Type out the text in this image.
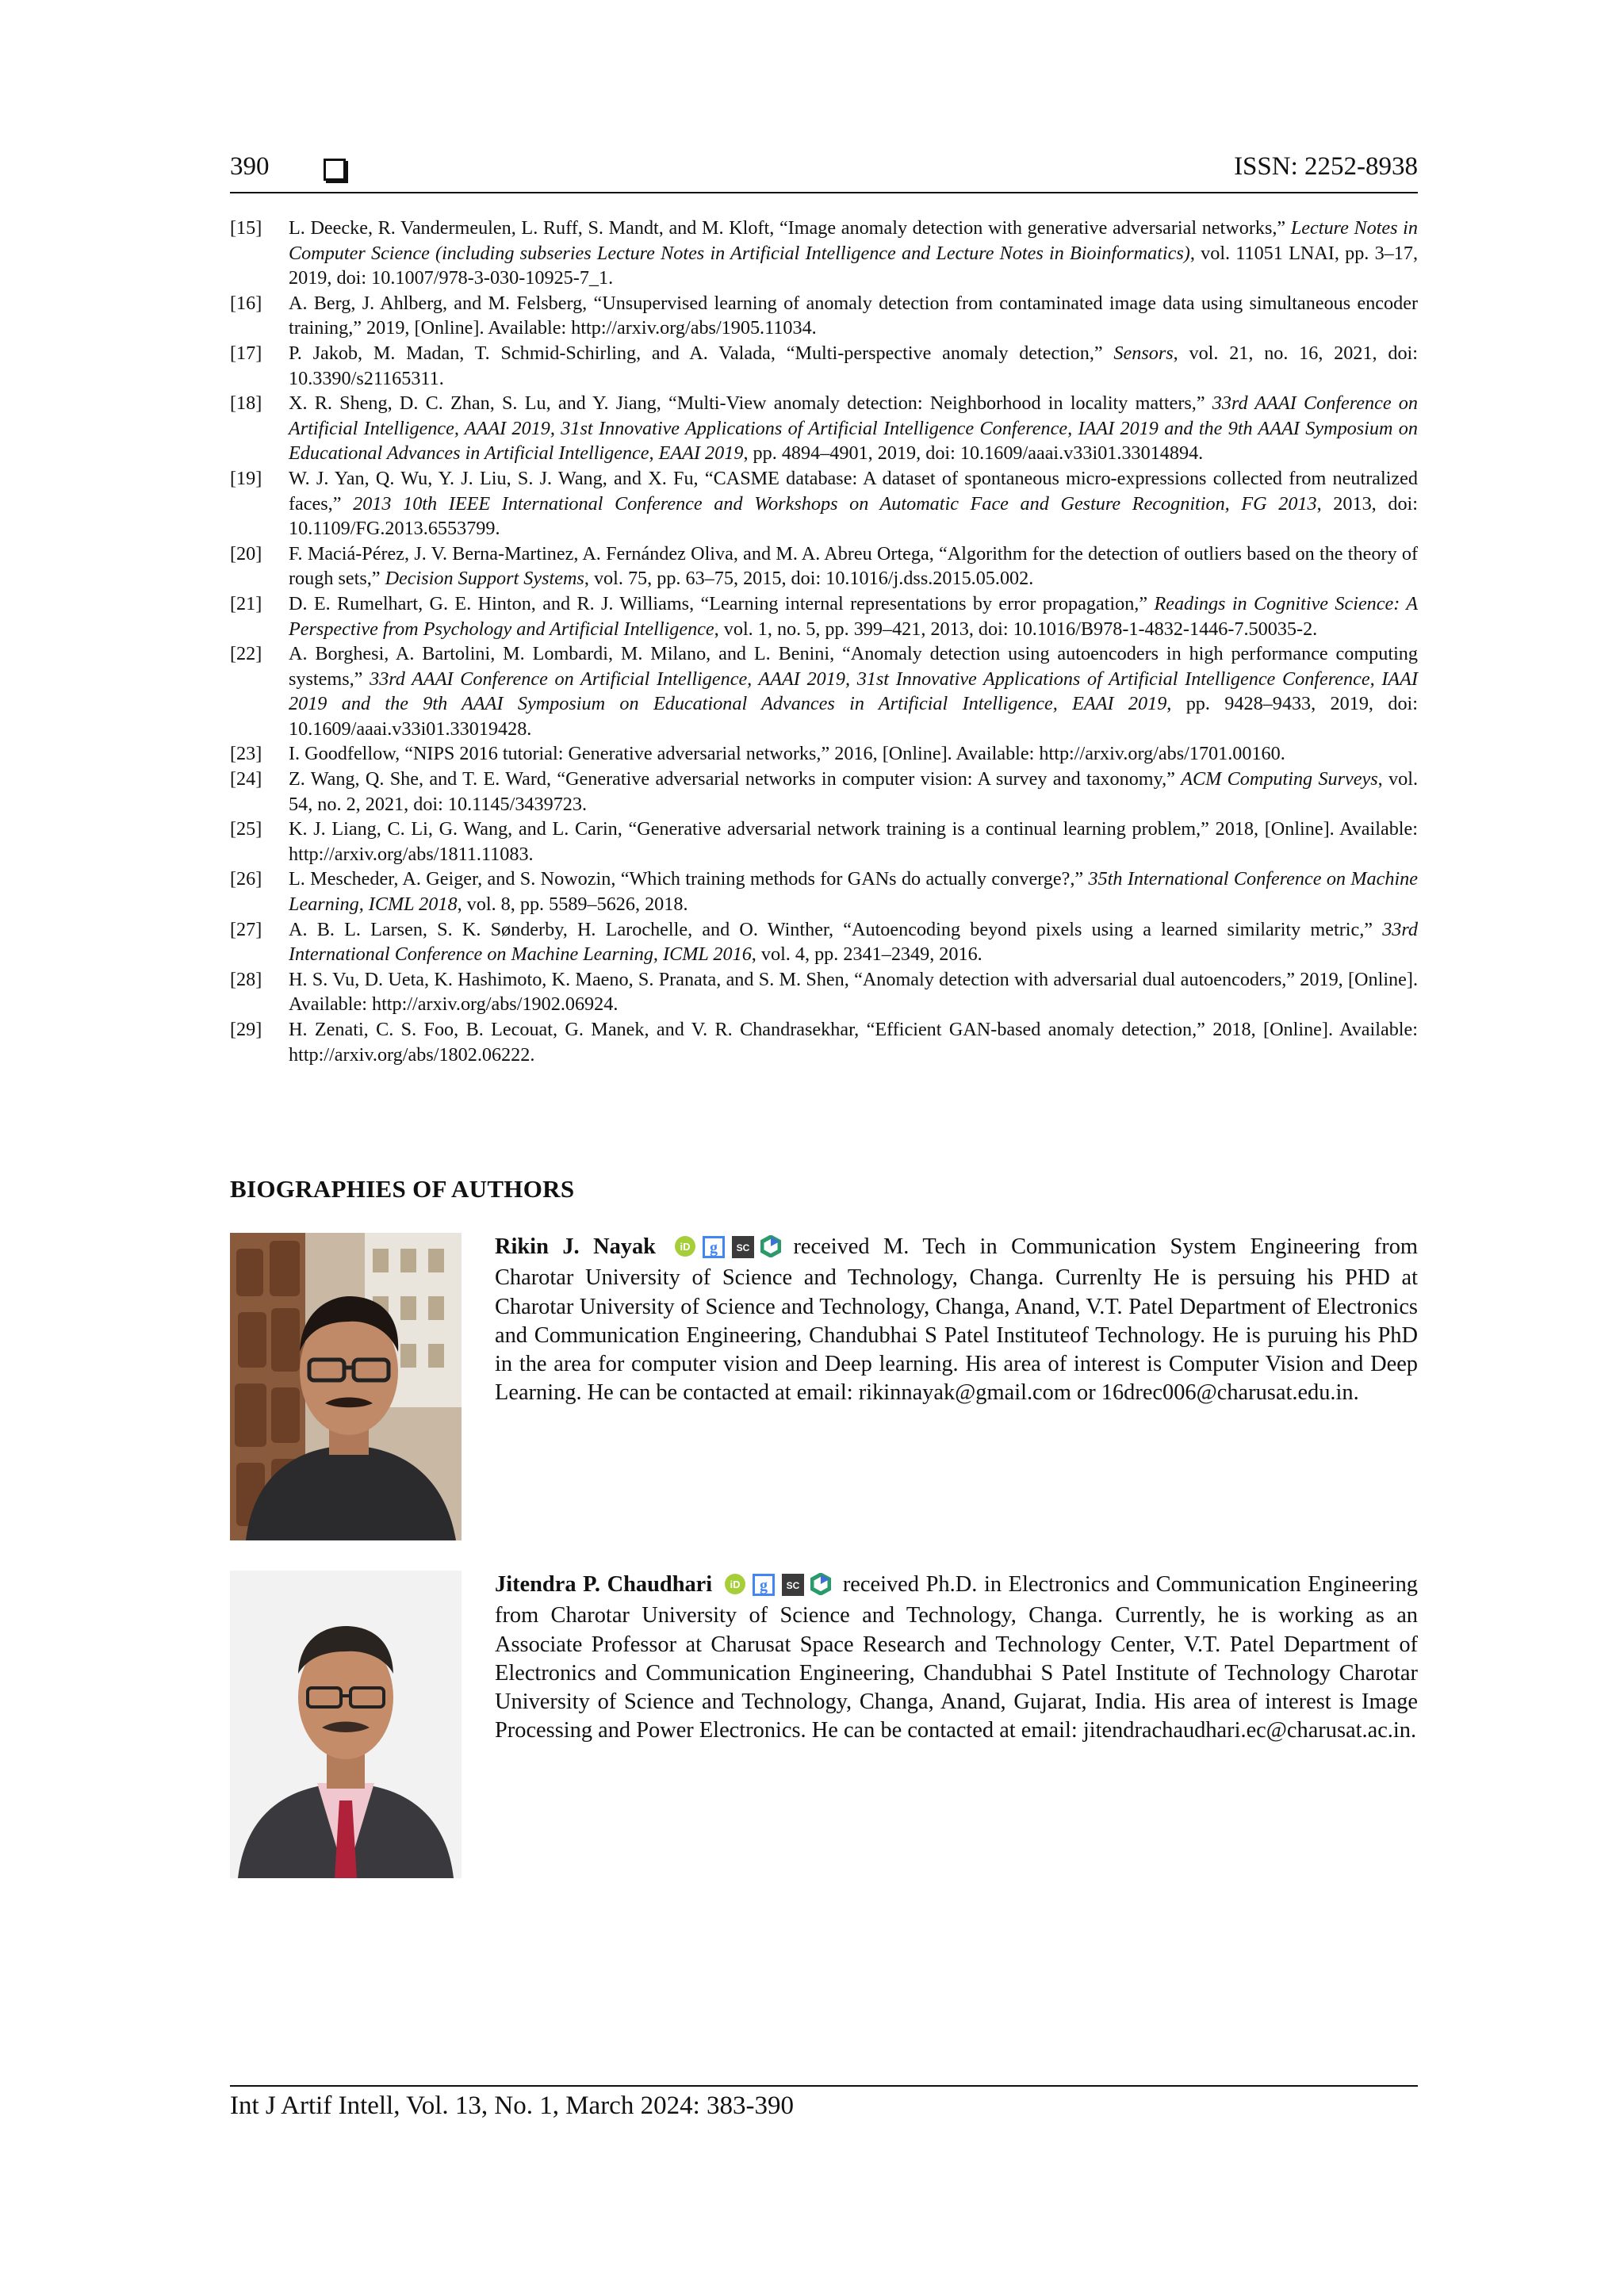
390	ISSN: 2252-8938

[15] L. Deecke, R. Vandermeulen, L. Ruff, S. Mandt, and M. Kloft, “Image anomaly detection with generative adversarial networks,” Lecture Notes in Computer Science (including subseries Lecture Notes in Artificial Intelligence and Lecture Notes in Bioinformatics), vol. 11051 LNAI, pp. 3–17, 2019, doi: 10.1007/978-3-030-10925-7_1.

[16] A. Berg, J. Ahlberg, and M. Felsberg, “Unsupervised learning of anomaly detection from contaminated image data using simultaneous encoder training,” 2019, [Online]. Available: http://arxiv.org/abs/1905.11034.

[17] P. Jakob, M. Madan, T. Schmid-Schirling, and A. Valada, “Multi-perspective anomaly detection,” Sensors, vol. 21, no. 16, 2021, doi: 10.3390/s21165311.

[18] X. R. Sheng, D. C. Zhan, S. Lu, and Y. Jiang, “Multi-View anomaly detection: Neighborhood in locality matters,” 33rd AAAI Conference on Artificial Intelligence, AAAI 2019, 31st Innovative Applications of Artificial Intelligence Conference, IAAI 2019 and the 9th AAAI Symposium on Educational Advances in Artificial Intelligence, EAAI 2019, pp. 4894–4901, 2019, doi: 10.1609/aaai.v33i01.33014894.

[19] W. J. Yan, Q. Wu, Y. J. Liu, S. J. Wang, and X. Fu, “CASME database: A dataset of spontaneous micro-expressions collected from neutralized faces,” 2013 10th IEEE International Conference and Workshops on Automatic Face and Gesture Recognition, FG 2013, 2013, doi: 10.1109/FG.2013.6553799.

[20] F. Maciá-Pérez, J. V. Berna-Martinez, A. Fernández Oliva, and M. A. Abreu Ortega, “Algorithm for the detection of outliers based on the theory of rough sets,” Decision Support Systems, vol. 75, pp. 63–75, 2015, doi: 10.1016/j.dss.2015.05.002.

[21] D. E. Rumelhart, G. E. Hinton, and R. J. Williams, “Learning internal representations by error propagation,” Readings in Cognitive Science: A Perspective from Psychology and Artificial Intelligence, vol. 1, no. 5, pp. 399–421, 2013, doi: 10.1016/B978-1-4832-1446-7.50035-2.

[22] A. Borghesi, A. Bartolini, M. Lombardi, M. Milano, and L. Benini, “Anomaly detection using autoencoders in high performance computing systems,” 33rd AAAI Conference on Artificial Intelligence, AAAI 2019, 31st Innovative Applications of Artificial Intelligence Conference, IAAI 2019 and the 9th AAAI Symposium on Educational Advances in Artificial Intelligence, EAAI 2019, pp. 9428–9433, 2019, doi: 10.1609/aaai.v33i01.33019428.

[23] I. Goodfellow, “NIPS 2016 tutorial: Generative adversarial networks,” 2016, [Online]. Available: http://arxiv.org/abs/1701.00160.

[24] Z. Wang, Q. She, and T. E. Ward, “Generative adversarial networks in computer vision: A survey and taxonomy,” ACM Computing Surveys, vol. 54, no. 2, 2021, doi: 10.1145/3439723.

[25] K. J. Liang, C. Li, G. Wang, and L. Carin, “Generative adversarial network training is a continual learning problem,” 2018, [Online]. Available: http://arxiv.org/abs/1811.11083.

[26] L. Mescheder, A. Geiger, and S. Nowozin, “Which training methods for GANs do actually converge?,” 35th International Conference on Machine Learning, ICML 2018, vol. 8, pp. 5589–5626, 2018.

[27] A. B. L. Larsen, S. K. Sønderby, H. Larochelle, and O. Winther, “Autoencoding beyond pixels using a learned similarity metric,” 33rd International Conference on Machine Learning, ICML 2016, vol. 4, pp. 2341–2349, 2016.

[28] H. S. Vu, D. Ueta, K. Hashimoto, K. Maeno, S. Pranata, and S. M. Shen, “Anomaly detection with adversarial dual autoencoders,” 2019, [Online]. Available: http://arxiv.org/abs/1902.06924.

[29] H. Zenati, C. S. Foo, B. Lecouat, G. Manek, and V. R. Chandrasekhar, “Efficient GAN-based anomaly detection,” 2018, [Online]. Available: http://arxiv.org/abs/1802.06222.

BIOGRAPHIES OF AUTHORS
Rikin J. Nayak iD g SC received M. Tech in Communication System Engineering from Charotar University of Science and Technology, Changa. Currenlty He is persuing his PHD at Charotar University of Science and Technology, Changa, Anand, V.T. Patel Department of Electronics and Communication Engineering, Chandubhai S Patel Instituteof Technology. He is puruing his PhD in the area for computer vision and Deep learning. His area of interest is Computer Vision and Deep Learning. He can be contacted at email: rikinnayak@gmail.com or 16drec006@charusat.edu.in.
Jitendra P. Chaudhari iD g SC received Ph.D. in Electronics and Communication Engineering from Charotar University of Science and Technology, Changa. Currently, he is working as an Associate Professor at Charusat Space Research and Technology Center, V.T. Patel Department of Electronics and Communication Engineering, Chandubhai S Patel Institute of Technology Charotar University of Science and Technology, Changa, Anand, Gujarat, India. His area of interest is Image Processing and Power Electronics. He can be contacted at email: jitendrachaudhari.ec@charusat.ac.in.
Int J Artif Intell, Vol. 13, No. 1, March 2024: 383-390
